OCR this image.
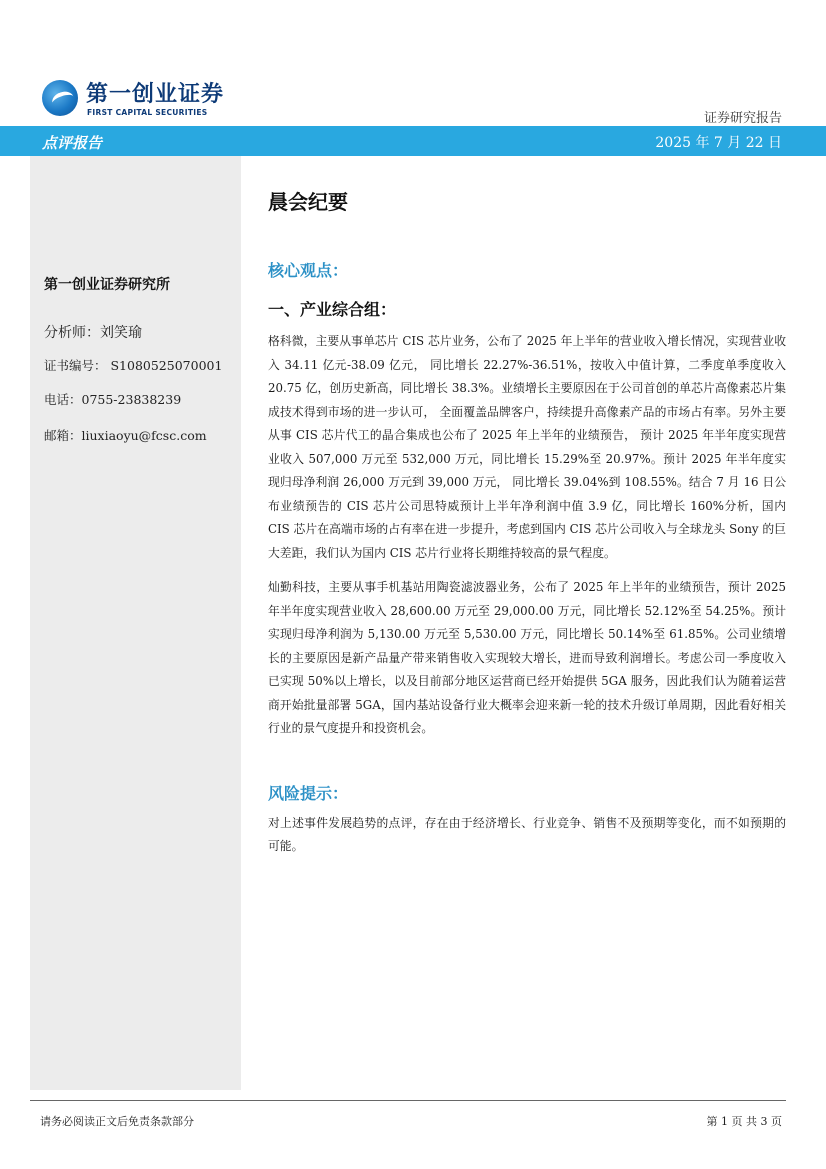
第一创业证券
FIRST CAPITAL SECURITIES	证券研究报告
点评报告	2025 年 7 月 22 日
第一创业证券研究所
分析师：刘笑瑜
证书编号： S1080525070001
电话：0755-23838239
邮箱：liuxiaoyu@fcsc.com
晨会纪要
核心观点：
一、产业综合组：

格科微，主要从事单芯片 CIS 芯片业务，公布了 2025 年上半年的营业收入增长情况，实现营业收入 34.11 亿元-38.09 亿元， 同比增长 22.27%-36.51%，按收入中值计算，二季度单季度收入 20.75 亿，创历史新高，同比增长 38.3%。业绩增长主要原因在于公司首创的单芯片高像素芯片集成技术得到市场的进一步认可， 全面覆盖品牌客户，持续提升高像素产品的市场占有率。另外主要从事 CIS 芯片代工的晶合集成也公布了 2025 年上半年的业绩预告， 预计 2025 年半年度实现营业收入 507,000 万元至 532,000 万元，同比增长 15.29%至 20.97%。预计 2025 年半年度实现归母净利润 26,000 万元到 39,000 万元， 同比增长 39.04%到 108.55%。结合 7 月 16 日公布业绩预告的 CIS 芯片公司思特威预计上半年净利润中值 3.9 亿，同比增长 160%分析，国内 CIS 芯片在高端市场的占有率在进一步提升，考虑到国内 CIS 芯片公司收入与全球龙头 Sony 的巨大差距，我们认为国内 CIS 芯片行业将长期维持较高的景气程度。

灿勤科技，主要从事手机基站用陶瓷滤波器业务，公布了 2025 年上半年的业绩预告，预计 2025 年半年度实现营业收入 28,600.00 万元至 29,000.00 万元，同比增长 52.12%至 54.25%。预计实现归母净利润为 5,130.00 万元至 5,530.00 万元，同比增长 50.14%至 61.85%。公司业绩增长的主要原因是新产品量产带来销售收入实现较大增长，进而导致利润增长。考虑公司一季度收入已实现 50%以上增长，以及目前部分地区运营商已经开始提供 5GA 服务，因此我们认为随着运营商开始批量部署 5GA，国内基站设备行业大概率会迎来新一轮的技术升级订单周期，因此看好相关行业的景气度提升和投资机会。

风险提示：

对上述事件发展趋势的点评，存在由于经济增长、行业竞争、销售不及预期等变化，而不如预期的可能。

请务必阅读正文后免责条款部分	第 1 页 共 3 页
